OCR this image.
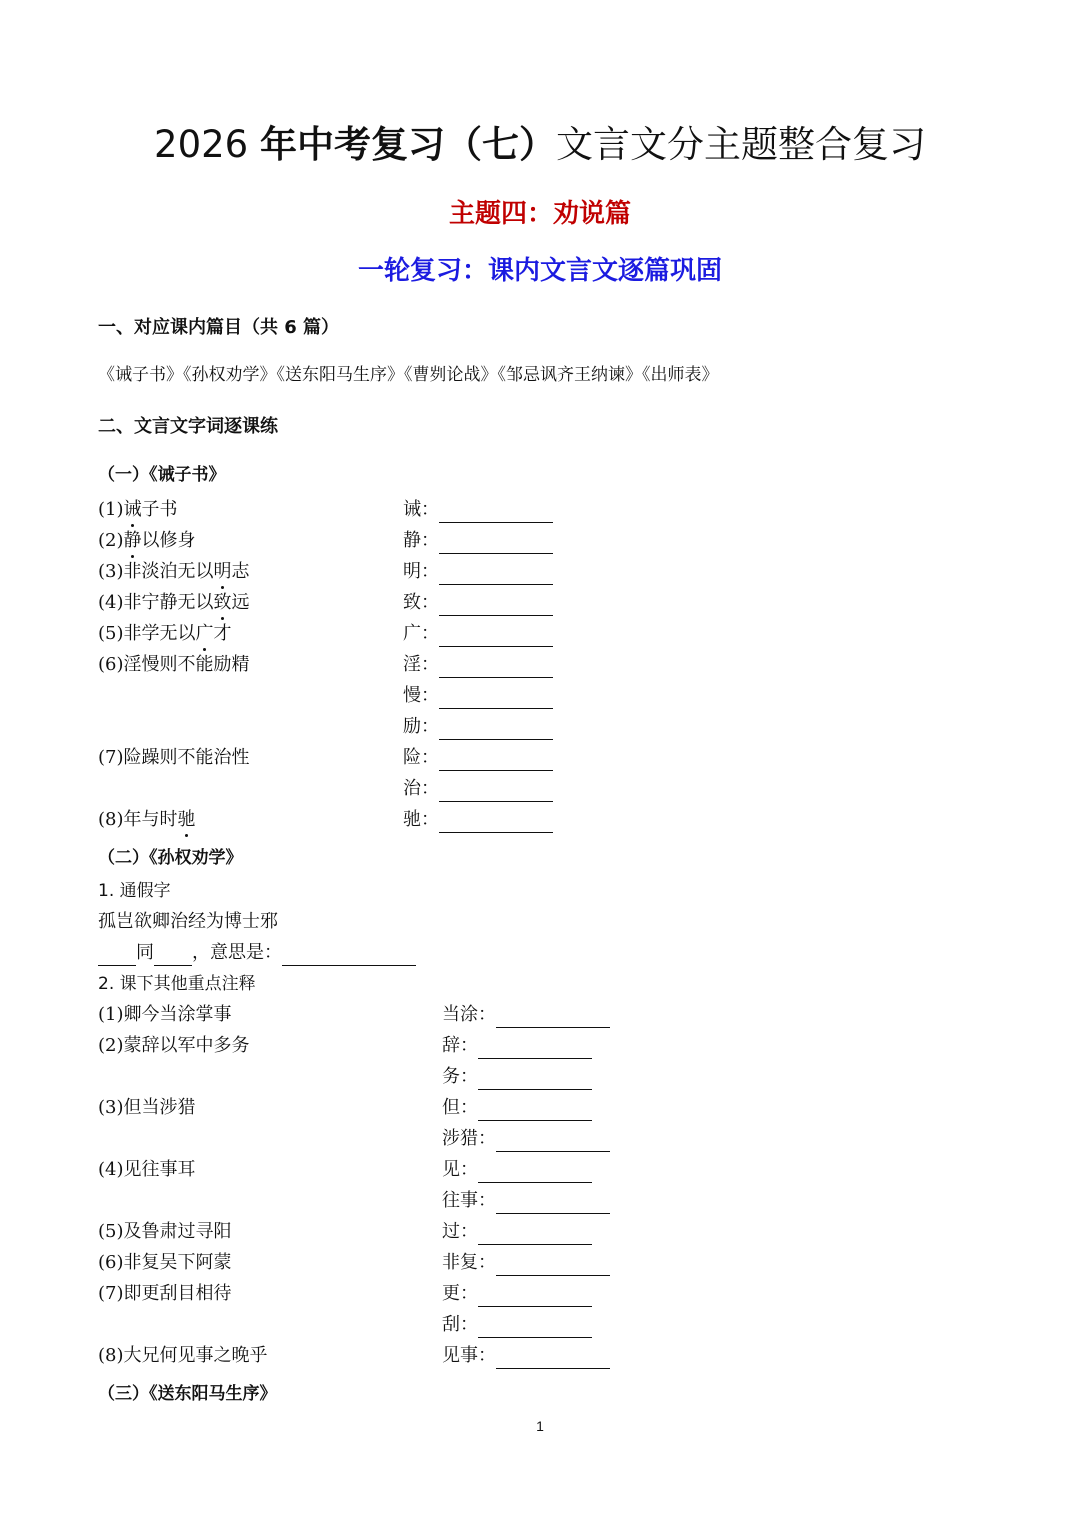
2026 年中考复习（七）文言文分主题整合复习
主题四：劝说篇
一轮复习：课内文言文逐篇巩固
一、对应课内篇目（共 6 篇）
《诫子书》《孙权劝学》《送东阳马生序》《曹刿论战》《邹忌讽齐王纳谏》《出师表》
二、文言文字词逐课练
（一）《诫子书》
(1)诫子书	诫：
(2)静以修身	静：
(3)非淡泊无以明志	明：
(4)非宁静无以致远	致：
(5)非学无以广才	广：
(6)淫慢则不能励精	淫：
慢：
励：
(7)险躁则不能治性	险：
治：
(8)年与时驰	驰：
（二）《孙权劝学》
1. 通假字
孤岂欲卿治经为博士邪
同 ，意思是：
2. 课下其他重点注释
(1)卿今当涂掌事	当涂：
(2)蒙辞以军中多务	辞：
务：
(3)但当涉猎	但：
涉猎：
(4)见往事耳	见：
往事：
(5)及鲁肃过寻阳	过：
(6)非复吴下阿蒙	非复：
(7)即更刮目相待	更：
刮：
(8)大兄何见事之晚乎	见事：
（三）《送东阳马生序》
1
